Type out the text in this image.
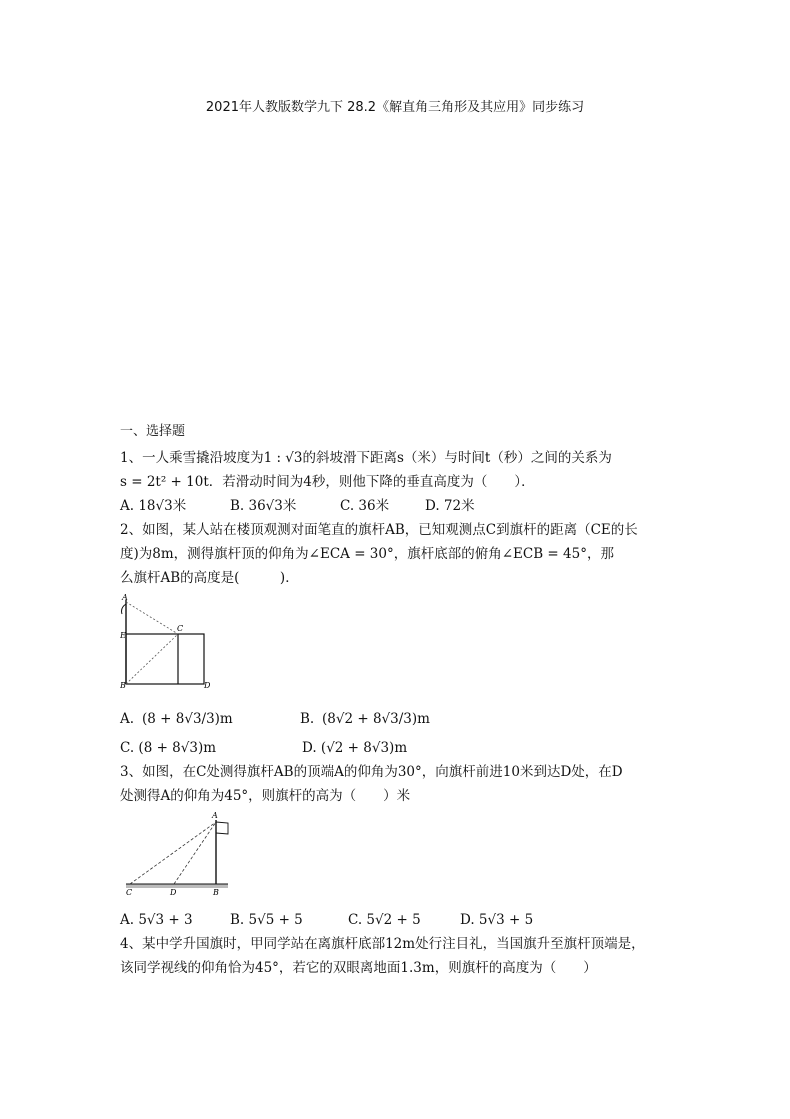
2021年人教版数学九下 28.2《解直角三角形及其应用》同步练习
一、选择题
1、一人乘雪撬沿坡度为1 : √3的斜坡滑下距离s（米）与时间t（秒）之间的关系为
s = 2t² + 10t．若滑动时间为4秒，则他下降的垂直高度为（　　）．
A. 18√3米	B. 36√3米	C. 36米	D. 72米
2、如图，某人站在楼顶观测对面笔直的旗杆AB，已知观测点C到旗杆的距离（CE的长
度)为8m，测得旗杆顶的仰角为∠ECA = 30°，旗杆底部的俯角∠ECB = 45°，那
么旗杆AB的高度是(　　　)．
A
E
C
B	D
A. (8 + 8√3/3)m	B. (8√2 + 8√3/3)m
C. (8 + 8√3)m	D. (√2 + 8√3)m
3、如图，在C处测得旗杆AB的顶端A的仰角为30°，向旗杆前进10米到达D处，在D
处测得A的仰角为45°，则旗杆的高为（　　）米
A
C	D	B
A. 5√3 + 3	B. 5√5 + 5	C. 5√2 + 5	D. 5√3 + 5
4、某中学升国旗时，甲同学站在离旗杆底部12m处行注目礼，当国旗升至旗杆顶端是，
该同学视线的仰角恰为45°，若它的双眼离地面1.3m，则旗杆的高度为（　　）
